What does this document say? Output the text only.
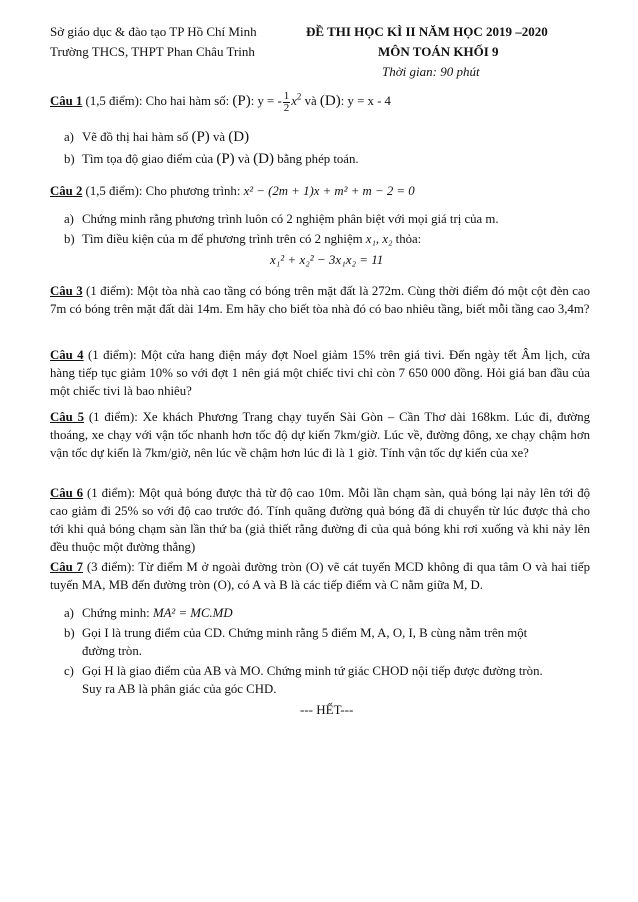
Sở giáo dục & đào tạo TP Hồ Chí Minh
Trường THCS, THPT Phan Châu Trinh
ĐỀ THI HỌC KÌ II NĂM HỌC 2019 –2020
MÔN TOÁN KHỐI 9
Thời gian: 90 phút
Câu 1 (1,5 điểm): Cho hai hàm số: (P): y = - $\frac{1}{2} x^2$ và (D): y = x - 4
a) Vẽ đồ thị hai hàm số (P) và (D)
b) Tìm tọa độ giao điểm của (P) và (D) bằng phép toán.
Câu 2 (1,5 điểm): Cho phương trình: x² − (2m + 1)x + m² + m − 2 = 0
a) Chứng minh rằng phương trình luôn có 2 nghiệm phân biệt với mọi giá trị của m.
b) Tìm điều kiện của m để phương trình trên có 2 nghiệm x₁, x₂ thỏa:
x₁² + x₂² − 3x₁x₂ = 11
Câu 3 (1 điểm): Một tòa nhà cao tầng có bóng trên mặt đất là 272m. Cùng thời điểm đó một cột đèn cao 7m có bóng trên mặt đất dài 14m. Em hãy cho biết tòa nhà đó có bao nhiêu tầng, biết mỗi tầng cao 3,4m?
Câu 4 (1 điểm): Một cửa hang điện máy đợt Noel giảm 15% trên giá tivi. Đến ngày tết Âm lịch, cửa hàng tiếp tục giảm 10% so với đợt 1 nên giá một chiếc tivi chỉ còn 7 650 000 đồng. Hỏi giá ban đầu của một chiếc tivi là bao nhiêu?
Câu 5 (1 điểm): Xe khách Phương Trang chạy tuyến Sài Gòn – Cần Thơ dài 168km. Lúc đi, đường thoáng, xe chạy với vận tốc nhanh hơn tốc độ dự kiến 7km/giờ. Lúc về, đường đông, xe chạy chậm hơn vận tốc dự kiến là 7km/giờ, nên lúc về chậm hơn lúc đi là 1 giờ. Tính vận tốc dự kiến của xe?
Câu 6 (1 điểm): Một quả bóng được thả từ độ cao 10m. Mỗi lần chạm sàn, quả bóng lại nảy lên tới độ cao giảm đi 25% so với độ cao trước đó. Tính quãng đường quả bóng đã di chuyển từ lúc được thả cho tới khi quả bóng chạm sàn lần thứ ba (giả thiết rằng đường đi của quả bóng khi rơi xuống và khi nảy lên đều thuộc một đường thẳng)
Câu 7 (3 điểm): Từ điểm M ở ngoài đường tròn (O) vẽ cát tuyến MCD không đi qua tâm O và hai tiếp tuyến MA, MB đến đường tròn (O), có A và B là các tiếp điểm và C nằm giữa M, D.
a) Chứng minh: MA² = MC.MD
b) Gọi I là trung điểm của CD. Chứng minh rằng 5 điểm M, A, O, I, B cùng nằm trên một
đường tròn.
c) Gọi H là giao điểm của AB và MO. Chứng minh tứ giác CHOD nội tiếp được đường tròn.
Suy ra AB là phân giác của góc CHD.
--- HẾT---
